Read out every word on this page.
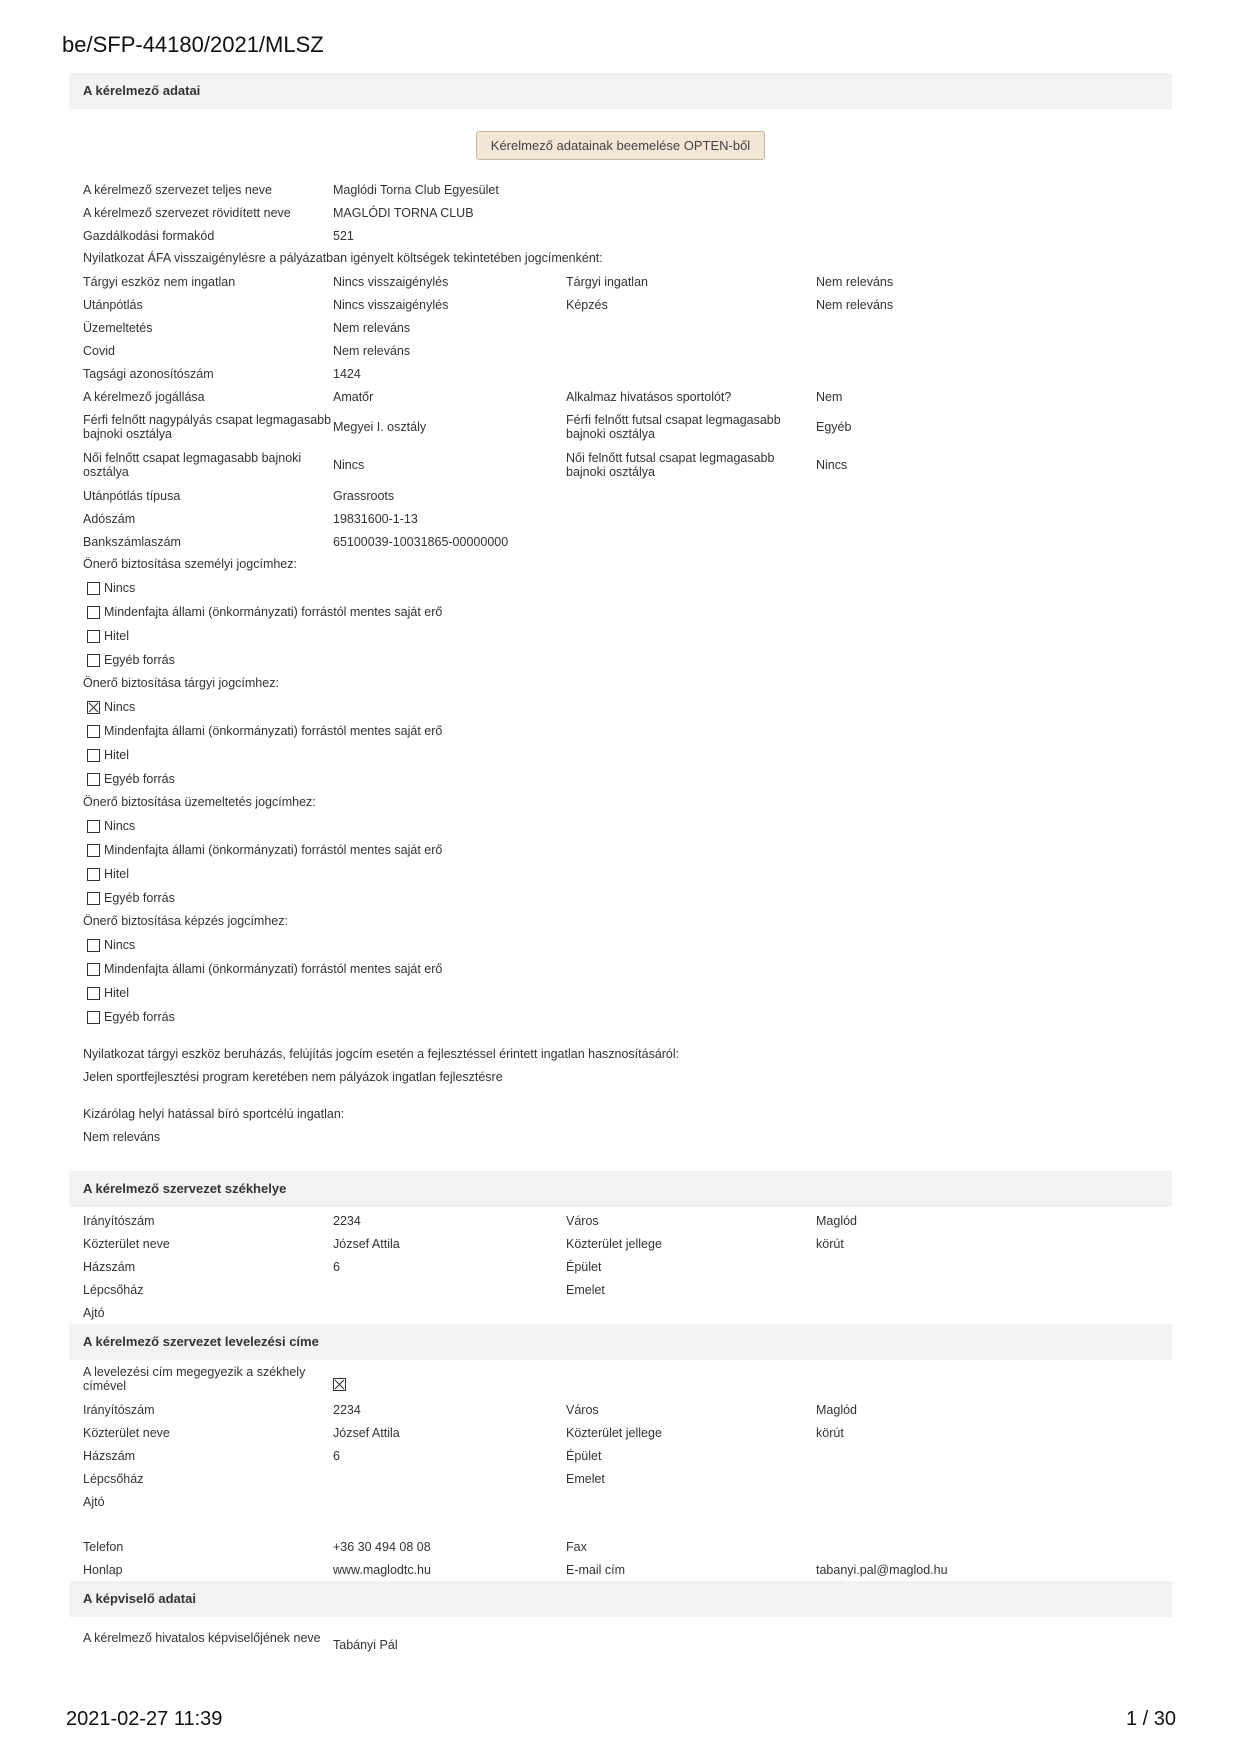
be/SFP-44180/2021/MLSZ
A kérelmező adatai
Kérelmező adatainak beemelése OPTEN-ből
A kérelmező szervezet teljes neve	Maglódi Torna Club Egyesület
A kérelmező szervezet rövidített neve	MAGLÓDI TORNA CLUB
Gazdálkodási formakód	521
Nyilatkozat ÁFA visszaigénylésre a pályázatban igényelt költségek tekintetében jogcímenként:
Tárgyi eszköz nem ingatlan	Nincs visszaigénylés	Tárgyi ingatlan	Nem releváns
Utánpótlás	Nincs visszaigénylés	Képzés	Nem releváns
Üzemeltetés	Nem releváns
Covid	Nem releváns
Tagsági azonosítószám	1424
A kérelmező jogállása	Amatőr	Alkalmaz hivatásos sportolót?	Nem
Férfi felnőtt nagypályás csapat legmagasabb bajnoki osztálya	Megyei I. osztály	Férfi felnőtt futsal csapat legmagasabb bajnoki osztálya	Egyéb
Női felnőtt csapat legmagasabb bajnoki osztálya	Nincs	Női felnőtt futsal csapat legmagasabb bajnoki osztálya	Nincs
Utánpótlás típusa	Grassroots
Adószám	19831600-1-13
Bankszámlaszám	65100039-10031865-00000000
Önerő biztosítása személyi jogcímhez:
Nincs
Mindenfajta állami (önkormányzati) forrástól mentes saját erő
Hitel
Egyéb forrás
Önerő biztosítása tárgyi jogcímhez:
Nincs
Mindenfajta állami (önkormányzati) forrástól mentes saját erő
Hitel
Egyéb forrás
Önerő biztosítása üzemeltetés jogcímhez:
Nincs
Mindenfajta állami (önkormányzati) forrástól mentes saját erő
Hitel
Egyéb forrás
Önerő biztosítása képzés jogcímhez:
Nincs
Mindenfajta állami (önkormányzati) forrástól mentes saját erő
Hitel
Egyéb forrás
Nyilatkozat tárgyi eszköz beruházás, felújítás jogcím esetén a fejlesztéssel érintett ingatlan hasznosításáról:
Jelen sportfejlesztési program keretében nem pályázok ingatlan fejlesztésre
Kizárólag helyi hatással bíró sportcélú ingatlan:
Nem releváns
A kérelmező szervezet székhelye
Irányítószám	2234	Város	Maglód
Közterület neve	József Attila	Közterület jellege	körút
Házszám	6	Épület
Lépcsőház	Emelet
Ajtó
A kérelmező szervezet levelezési címe
A levelezési cím megegyezik a székhely címével
Irányítószám	2234	Város	Maglód
Közterület neve	József Attila	Közterület jellege	körút
Házszám	6	Épület
Lépcsőház	Emelet
Ajtó
Telefon	+36 30 494 08 08	Fax
Honlap	www.maglodtc.hu	E-mail cím	tabanyi.pal@maglod.hu
A képviselő adatai
A kérelmező hivatalos képviselőjének neve Tabányi Pál
2021-02-27 11:39	1 / 30
